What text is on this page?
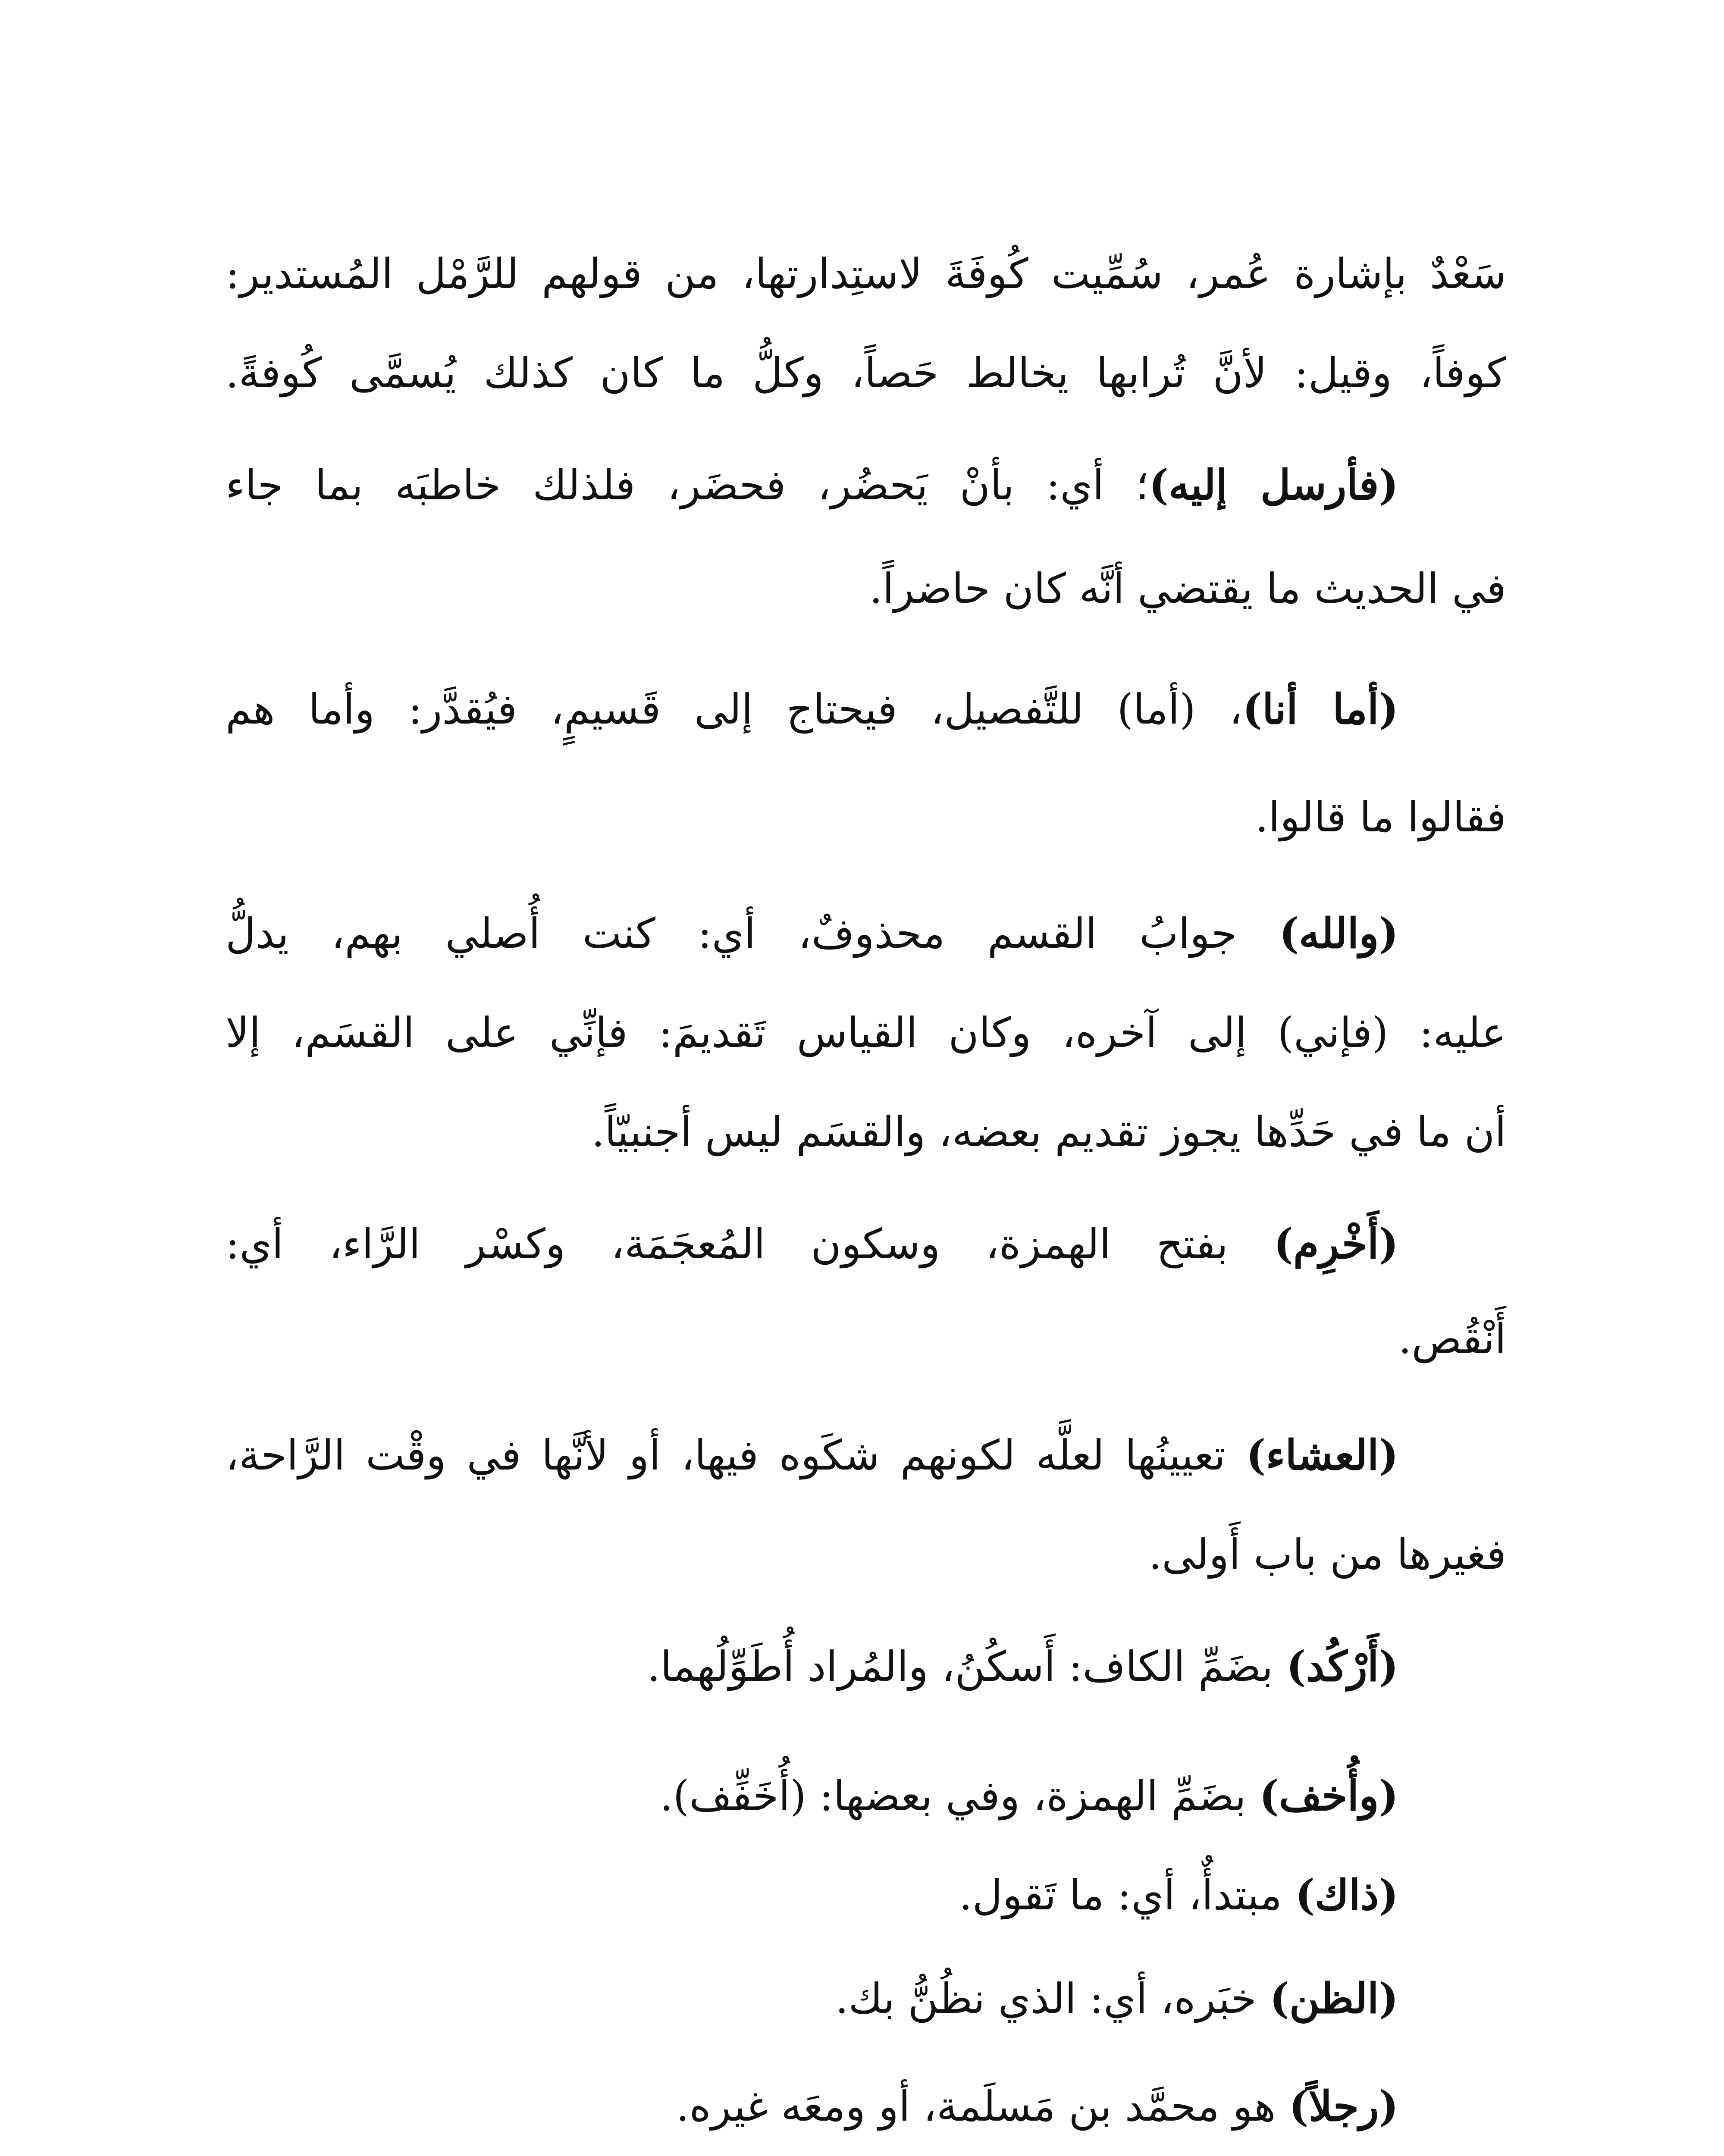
سَعْدٌ بإشارة عُمر، سُمِّيت كُوفَةَ لاستِدارتها، من قولهم للرَّمْل المُستدير:
كوفاً، وقيل: لأنَّ تُرابها يخالط حَصاً، وكلُّ ما كان كذلك يُسمَّى كُوفةً.
(فأرسل إليه)؛ أي: بأنْ يَحضُر، فحضَر، فلذلك خاطبَه بما جاء
في الحديث ما يقتضي أنَّه كان حاضراً.
(أما أنا)، (أما) للتَّفصيل، فيحتاج إلى قَسيمٍ، فيُقدَّر: وأما هم
فقالوا ما قالوا.
(والله) جوابُ القسم محذوفٌ، أي: كنت أُصلي بهم، يدلُّ
عليه: (فإني) إلى آخره، وكان القياس تَقديمَ: فإنِّي على القسَم، إلا
أن ما في حَدِّها يجوز تقديم بعضه، والقسَم ليس أجنبيّاً.
(أَخْرِم) بفتح الهمزة، وسكون المُعجَمَة، وكسْر الرَّاء، أي:
أَنْقُص.
(العشاء) تعيينُها لعلَّه لكونهم شكَوه فيها، أو لأنَّها في وقْت الرَّاحة،
فغيرها من باب أَولى.
(أَرْكُد) بضَمِّ الكاف: أَسكُنُ، والمُراد أُطَوِّلُهما.
(وأُخف) بضَمِّ الهمزة، وفي بعضها: (أُخَفِّف).
(ذاك) مبتدأٌ، أي: ما تَقول.
(الظن) خبَره، أي: الذي نظُنُّ بك.
(رجلاً) هو محمَّد بن مَسلَمة، أو ومعَه غيره.
